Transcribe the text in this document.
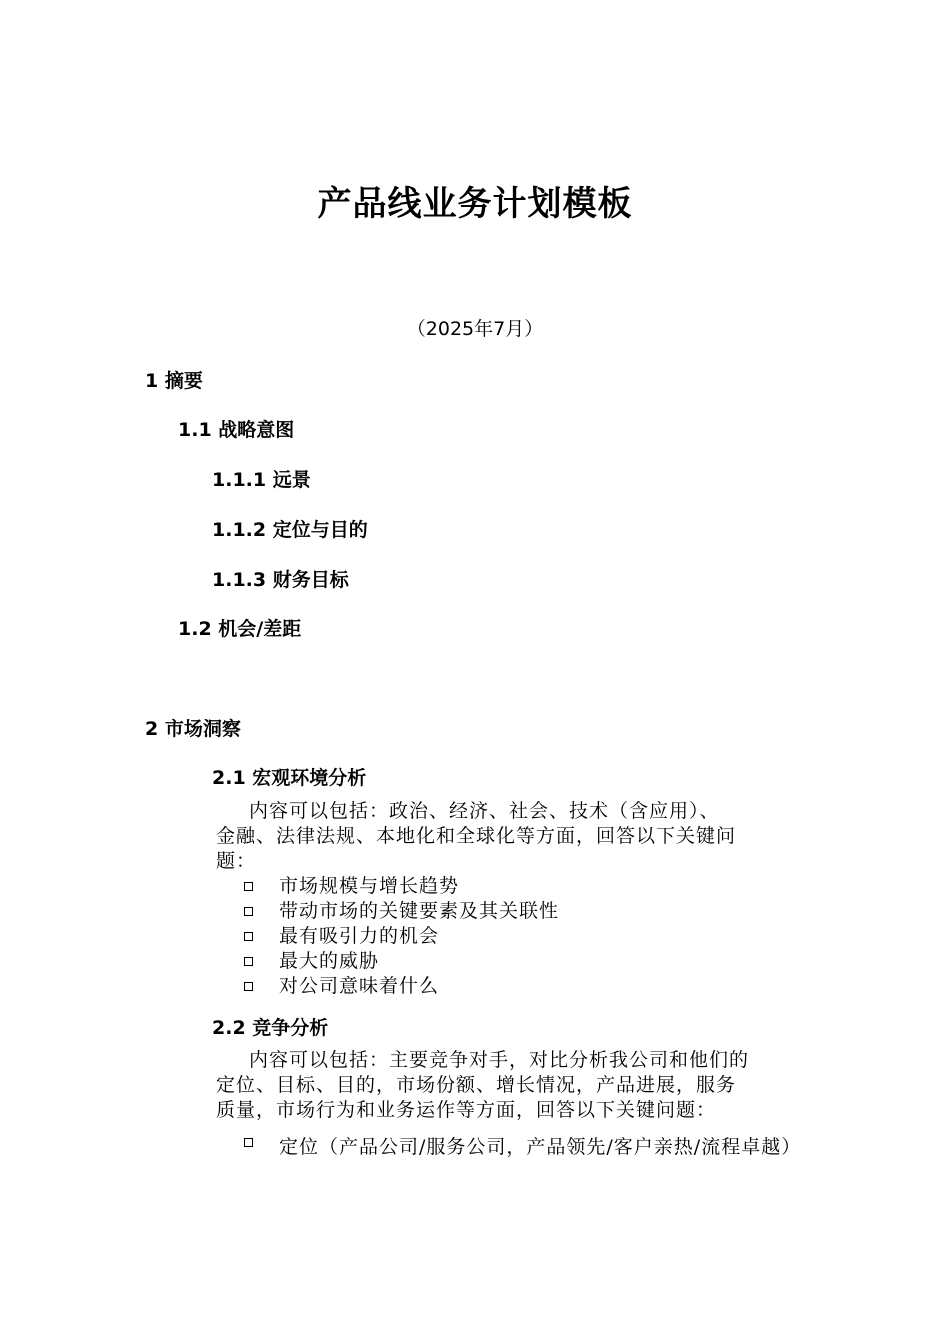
产品线业务计划模板
（2025年7月）
1 摘要
1.1 战略意图
1.1.1 远景
1.1.2 定位与目的
1.1.3 财务目标
1.2 机会/差距
2 市场洞察
2.1 宏观环境分析
内容可以包括：政治、经济、社会、技术（含应用）、
金融、法律法规、本地化和全球化等方面，回答以下关键问
题：
市场规模与增长趋势
带动市场的关键要素及其关联性
最有吸引力的机会
最大的威胁
对公司意味着什么
2.2 竞争分析
内容可以包括：主要竞争对手，对比分析我公司和他们的
定位、目标、目的，市场份额、增长情况，产品进展，服务
质量，市场行为和业务运作等方面，回答以下关键问题：
定位（产品公司/服务公司，产品领先/客户亲热/流程卓越）
